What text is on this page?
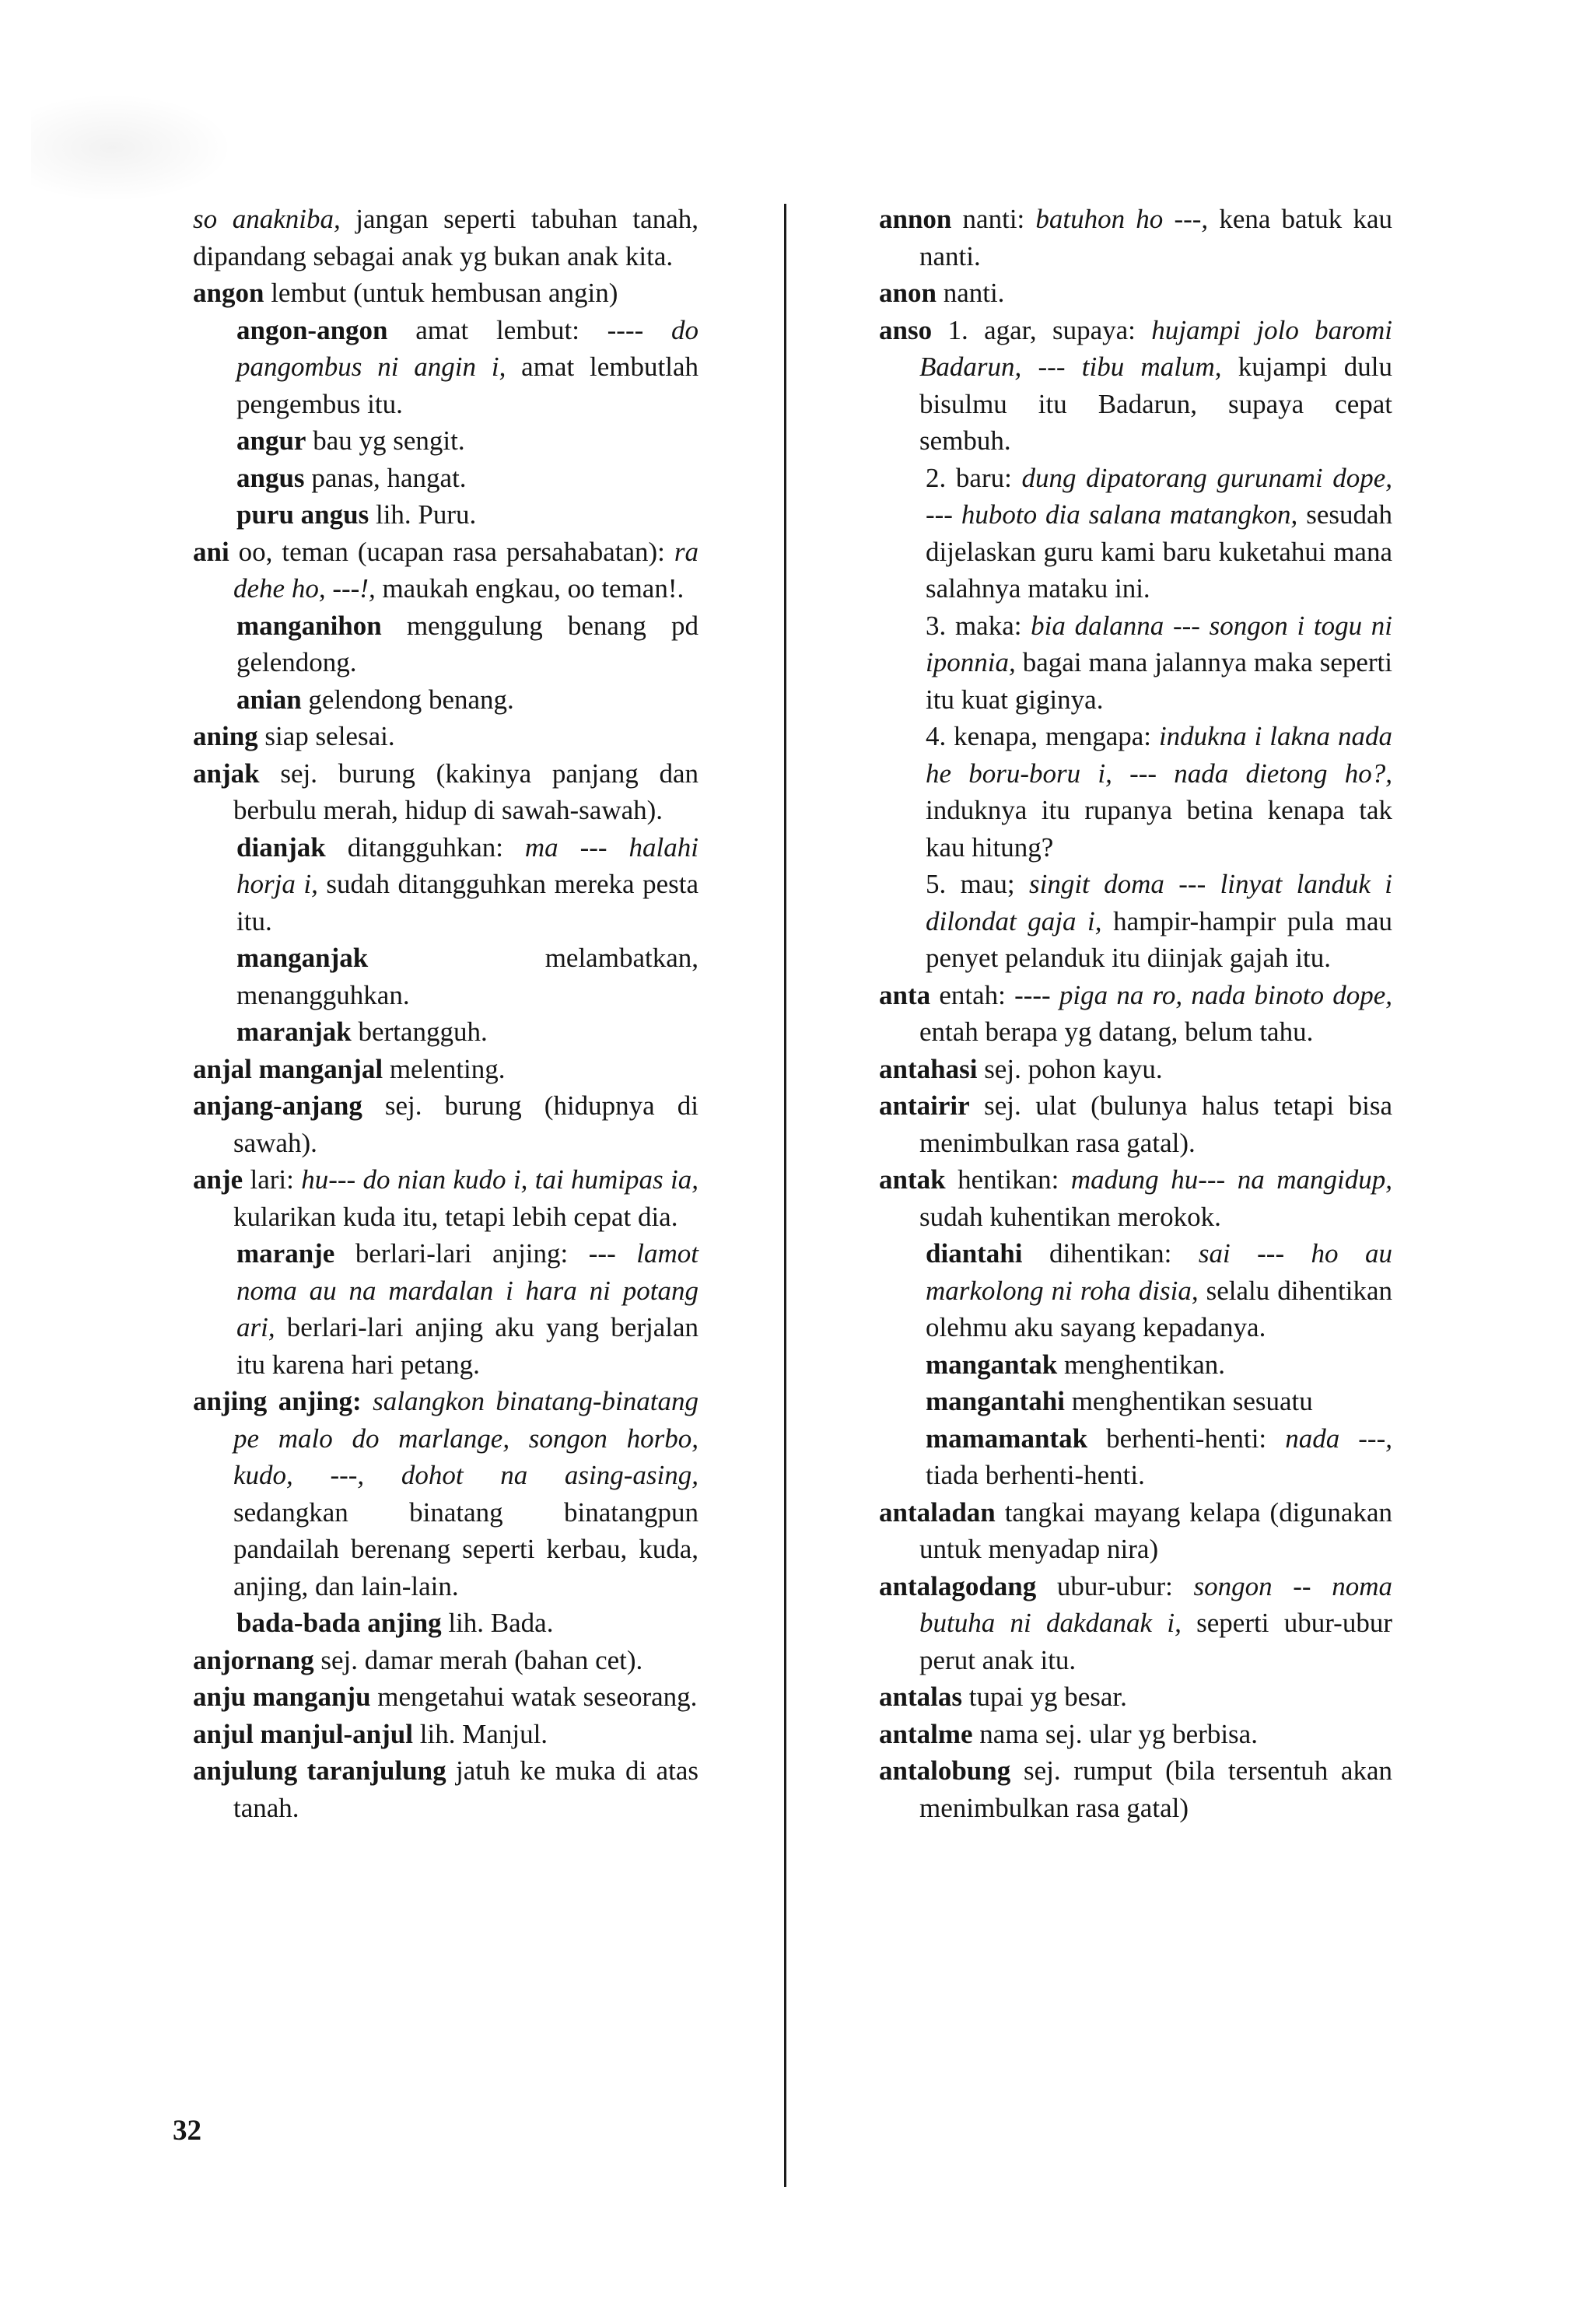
so anakniba, jangan seperti tabuhan tanah, dipandang sebagai anak yg bukan anak kita.
angon lembut (untuk hembusan angin)
angon-angon amat lembut: ---- do pangombus ni angin i, amat lembutlah pengembus itu.
angur bau yg sengit.
angus panas, hangat.
puru angus lih. Puru.
ani oo, teman (ucapan rasa persahabatan): ra dehe ho, ---!, maukah engkau, oo teman!.
manganihon menggulung benang pd gelendong.
anian gelendong benang.
aning siap selesai.
anjak sej. burung (kakinya panjang dan berbulu merah, hidup di sawah-sawah).
dianjak ditangguhkan: ma --- halahi horja i, sudah ditangguhkan mereka pesta itu.
manganjak melambatkan, menangguhkan.
maranjak bertangguh.
anjal manganjal melenting.
anjang-anjang sej. burung (hidupnya di sawah).
anje lari: hu--- do nian kudo i, tai humipas ia, kularikan kuda itu, tetapi lebih cepat dia.
maranje berlari-lari anjing: --- lamot noma au na mardalan i hara ni potang ari, berlari-lari anjing aku yang berjalan itu karena hari petang.
anjing anjing: salangkon binatang-binatang pe malo do marlange, songon horbo, kudo, ---, dohot na asing-asing, sedangkan binatang binatangpun pandailah berenang seperti kerbau, kuda, anjing, dan lain-lain.
bada-bada anjing lih. Bada.
anjornang sej. damar merah (bahan cet).
anju manganju mengetahui watak seseorang.
anjul manjul-anjul lih. Manjul.
anjulung taranjulung jatuh ke muka di atas tanah.
annon nanti: batuhon ho ---, kena batuk kau nanti.
anon nanti.
anso 1. agar, supaya: hujampi jolo baromi Badarun, --- tibu malum, kujampi dulu bisulmu itu Badarun, supaya cepat sembuh.
2. baru: dung dipatorang gurunami dope, --- huboto dia salana matangkon, sesudah dijelaskan guru kami baru kuketahui mana salahnya mataku ini.
3. maka: bia dalanna --- songon i togu ni iponnia, bagai mana jalannya maka seperti itu kuat giginya.
4. kenapa, mengapa: indukna i lakna nada he boru-boru i, --- nada dietong ho?, induknya itu rupanya betina kenapa tak kau hitung?
5. mau; singit doma --- linyat landuk i dilondat gaja i, hampir-hampir pula mau penyet pelanduk itu diinjak gajah itu.
anta entah: ---- piga na ro, nada binoto dope, entah berapa yg datang, belum tahu.
antahasi sej. pohon kayu.
antairir sej. ulat (bulunya halus tetapi bisa menimbulkan rasa gatal).
antak hentikan: madung hu--- na mangidup, sudah kuhentikan merokok.
diantahi dihentikan: sai --- ho au markolong ni roha disia, selalu dihentikan olehmu aku sayang kepadanya.
mangantak menghentikan.
mangantahi menghentikan sesuatu
mamamantak berhenti-henti: nada ---, tiada berhenti-henti.
antaladan tangkai mayang kelapa (digunakan untuk menyadap nira)
antalagodang ubur-ubur: songon -- noma butuha ni dakdanak i, seperti ubur-ubur perut anak itu.
antalas tupai yg besar.
antalme nama sej. ular yg berbisa.
antalobung sej. rumput (bila tersentuh akan menimbulkan rasa gatal)
32
